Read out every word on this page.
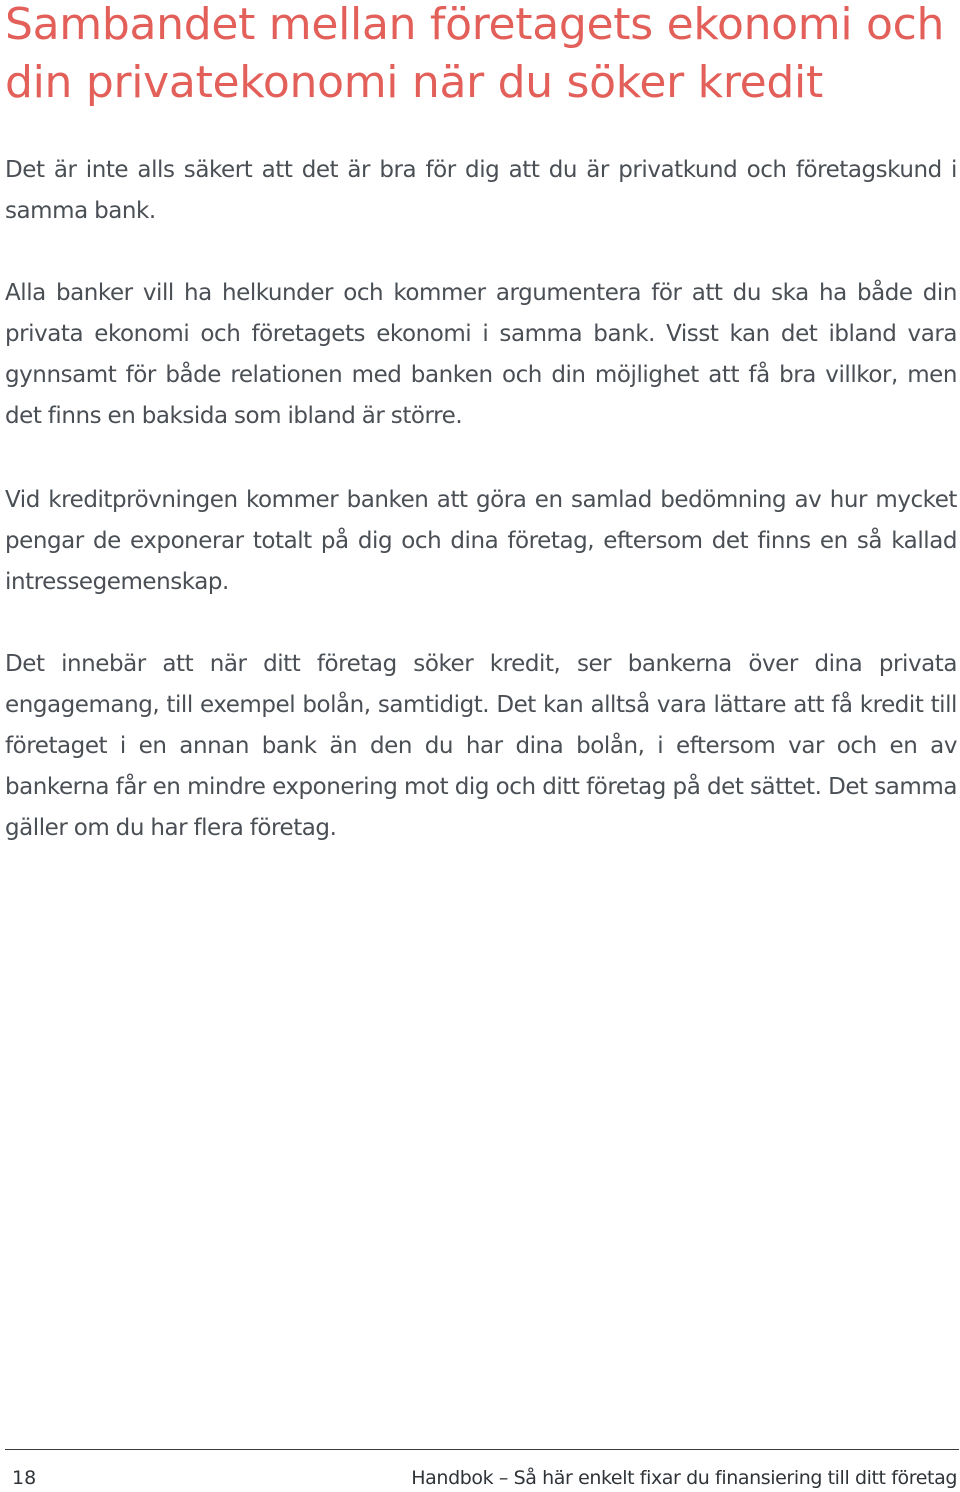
Sambandet mellan företagets ekonomi och din privatekonomi när du söker kredit

Det är inte alls säkert att det är bra för dig att du är privatkund och företagskund i samma bank.

Alla banker vill ha helkunder och kommer argumentera för att du ska ha både din privata ekonomi och företagets ekonomi i samma bank. Visst kan det ibland vara gynnsamt för både relationen med banken och din möjlighet att få bra villkor, men det finns en baksida som ibland är större.

Vid kreditprövningen kommer banken att göra en samlad bedömning av hur mycket pengar de exponerar totalt på dig och dina företag, eftersom det finns en så kallad intressegemenskap.

Det innebär att när ditt företag söker kredit, ser bankerna över dina privata engagemang, till exempel bolån, samtidigt. Det kan alltså vara lättare att få kredit till företaget i en annan bank än den du har dina bolån, i eftersom var och en av bankerna får en mindre exponering mot dig och ditt företag på det sättet. Det samma gäller om du har flera företag.

18	Handbok – Så här enkelt fixar du finansiering till ditt företag
